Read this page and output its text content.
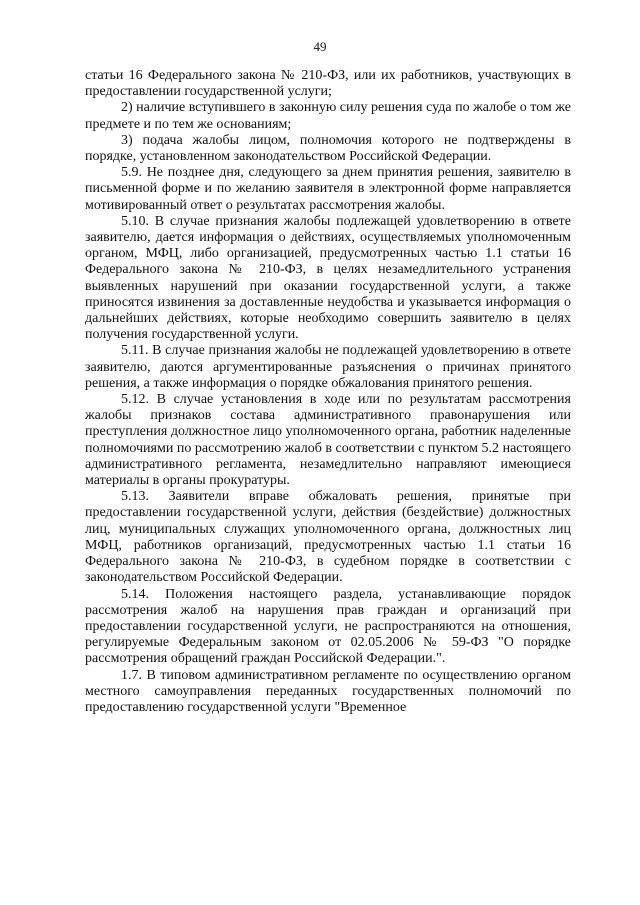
49

статьи 16 Федерального закона № 210-ФЗ, или их работников, участвующих в предоставлении государственной услуги;

2) наличие вступившего в законную силу решения суда по жалобе о том же предмете и по тем же основаниям;

3) подача жалобы лицом, полномочия которого не подтверждены в порядке, установленном законодательством Российской Федерации.

5.9. Не позднее дня, следующего за днем принятия решения, заявителю в письменной форме и по желанию заявителя в электронной форме направляется мотивированный ответ о результатах рассмотрения жалобы.

5.10. В случае признания жалобы подлежащей удовлетворению в ответе заявителю, дается информация о действиях, осуществляемых уполномоченным органом, МФЦ, либо организацией, предусмотренных частью 1.1 статьи 16 Федерального закона № 210-ФЗ, в целях незамедлительного устранения выявленных нарушений при оказании государственной услуги, а также приносятся извинения за доставленные неудобства и указывается информация о дальнейших действиях, которые необходимо совершить заявителю в целях получения государственной услуги.

5.11. В случае признания жалобы не подлежащей удовлетворению в ответе заявителю, даются аргументированные разъяснения о причинах принятого решения, а также информация о порядке обжалования принятого решения.

5.12. В случае установления в ходе или по результатам рассмотрения жалобы признаков состава административного правонарушения или преступления должностное лицо уполномоченного органа, работник наделенные полномочиями по рассмотрению жалоб в соответствии с пунктом 5.2 настоящего административного регламента, незамедлительно направляют имеющиеся материалы в органы прокуратуры.

5.13. Заявители вправе обжаловать решения, принятые при предоставлении государственной услуги, действия (бездействие) должностных лиц, муниципальных служащих уполномоченного органа, должностных лиц МФЦ, работников организаций, предусмотренных частью 1.1 статьи 16 Федерального закона № 210-ФЗ, в судебном порядке в соответствии с законодательством Российской Федерации.

5.14. Положения настоящего раздела, устанавливающие порядок рассмотрения жалоб на нарушения прав граждан и организаций при предоставлении государственной услуги, не распространяются на отношения, регулируемые Федеральным законом от 02.05.2006 № 59-ФЗ "О порядке рассмотрения обращений граждан Российской Федерации.".

1.7. В типовом административном регламенте по осуществлению органом местного самоуправления переданных государственных полномочий по предоставлению государственной услуги "Временное
